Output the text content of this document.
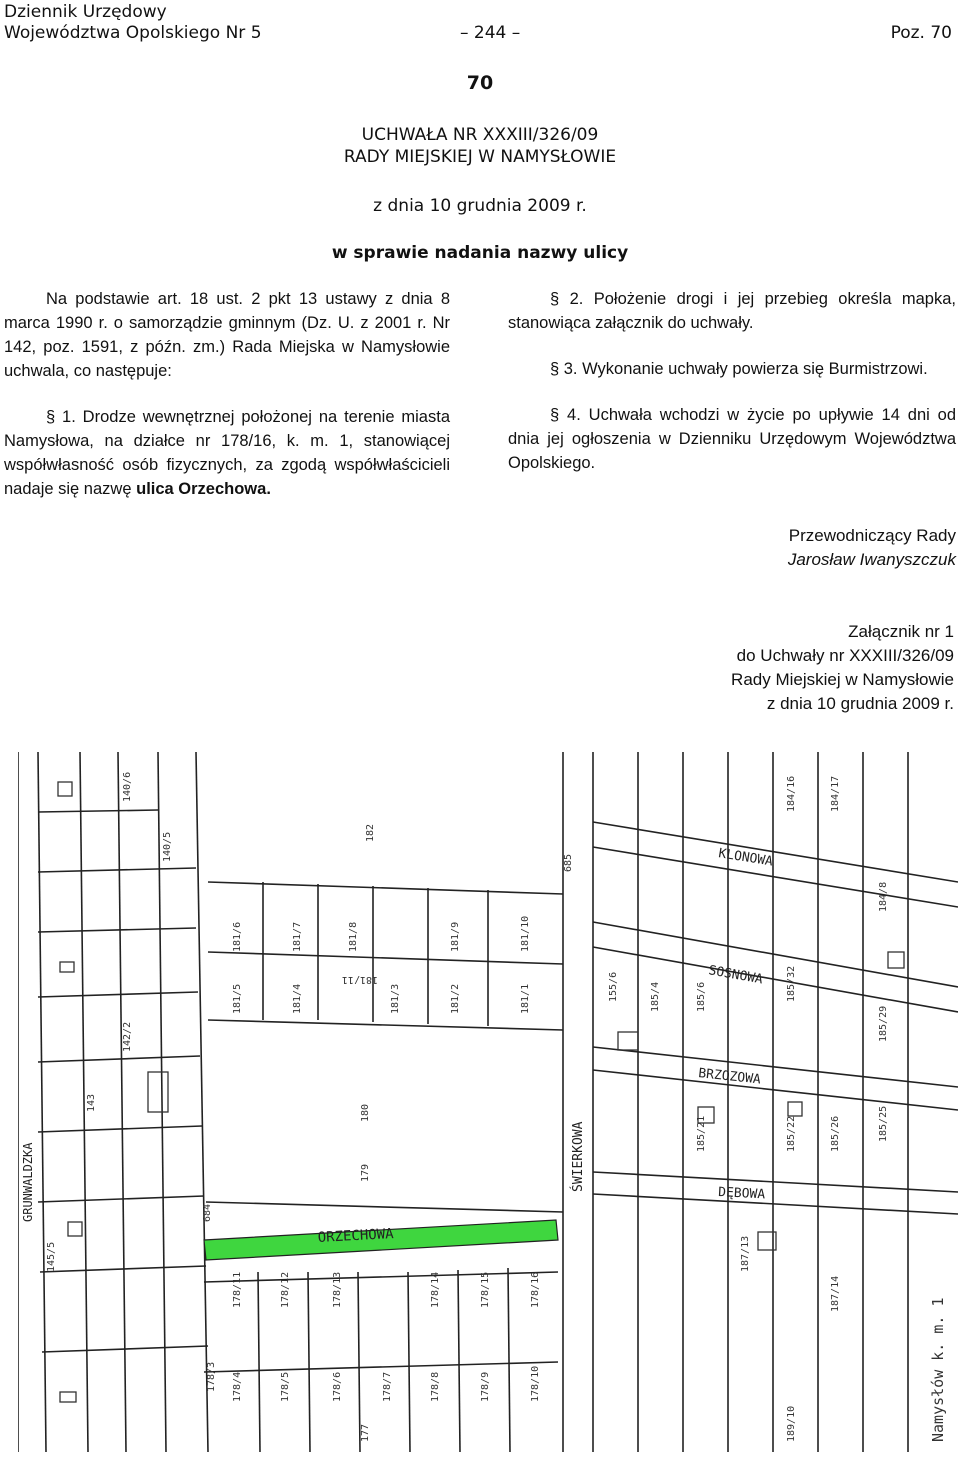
Dziennik Urzędowy
Województwa Opolskiego Nr 5	– 244 –	Poz. 70
70
UCHWAŁA NR XXXIII/326/09
RADY MIEJSKIEJ W NAMYSŁOWIE
z dnia 10 grudnia 2009 r.
w sprawie nadania nazwy ulicy

Na podstawie art. 18 ust. 2 pkt 13 ustawy z dnia 8 marca 1990 r. o samorządzie gminnym (Dz. U. z 2001 r. Nr 142, poz. 1591, z późn. zm.) Rada Miejska w Namysłowie uchwala, co następuje:

§ 1. Drodze wewnętrznej położonej na terenie miasta Namysłowa, na działce nr 178/16, k. m. 1, stanowiącej współwłasność osób fizycznych, za zgodą współwłaścicieli nadaje się nazwę ulica Orzechowa.

§ 2. Położenie drogi i jej przebieg określa mapka, stanowiąca załącznik do uchwały.

§ 3. Wykonanie uchwały powierza się Burmistrzowi.

§ 4. Uchwała wchodzi w życie po upływie 14 dni od dnia jej ogłoszenia w Dzienniku Urzędowym Województwa Opolskiego.

Przewodniczący Rady
Jarosław Iwanyszczuk
Załącznik nr 1
do Uchwały nr XXXIII/326/09
Rady Miejskiej w Namysłowie
z dnia 10 grudnia 2009 r.
ORZECHOWA
KLONOWA
SOSNOWA
BRZOZOWA
DĘBOWA
ŚWIERKOWA
GRUNWALDZKA
181/6	181/7	181/8	181/9	181/10
181/5	181/4	181/3	181/2	181/1
181/11
178/11	178/12	178/13	178/14	178/15	178/16
178/3 178/4	178/5	178/6	178/7	178/8	178/9	178/10
182
180
179
177
684
685
155/6	185/4	185/6	185/32
185/29
184/16	184/17
184/8
185/25
185/26
185/21	185/22
187/13
187/14
189/10
140/6
140/5
142/2
143
145/5
Namysłów k. m. 1
